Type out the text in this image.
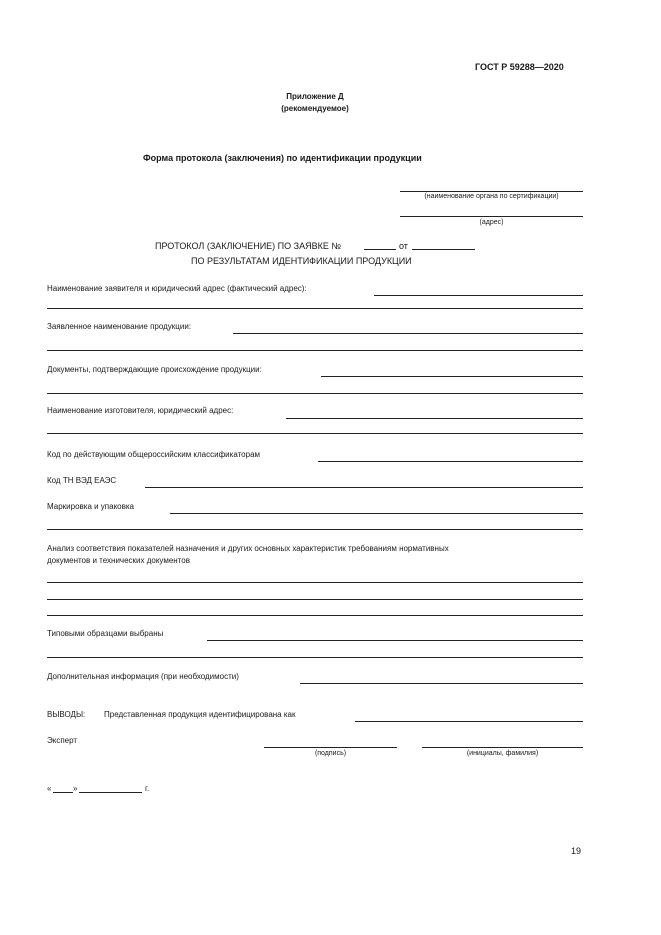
ГОСТ Р 59288—2020
Приложение Д
(рекомендуемое)
Форма протокола (заключения) по идентификации продукции
(наименование органа по сертификации)
(адрес)
ПРОТОКОЛ (ЗАКЛЮЧЕНИЕ) ПО ЗАЯВКЕ №	от
ПО РЕЗУЛЬТАТАМ ИДЕНТИФИКАЦИИ ПРОДУКЦИИ
Наименование заявителя и юридический адрес (фактический адрес):
Заявленное наименование продукции:
Документы, подтверждающие происхождение продукции:
Наименование изготовителя, юридический адрес:
Код по действующим общероссийским классификаторам
Код ТН ВЭД ЕАЭС
Маркировка и упаковка
Анализ соответствия показателей назначения и других основных характеристик требованиям нормативных
документов и технических документов
Типовыми образцами выбраны
Дополнительная информация (при необходимости)
ВЫВОДЫ: Представленная продукция идентифицирована как
Эксперт
(подпись)	(инициалы, фамилия)
«	»	г.
19
